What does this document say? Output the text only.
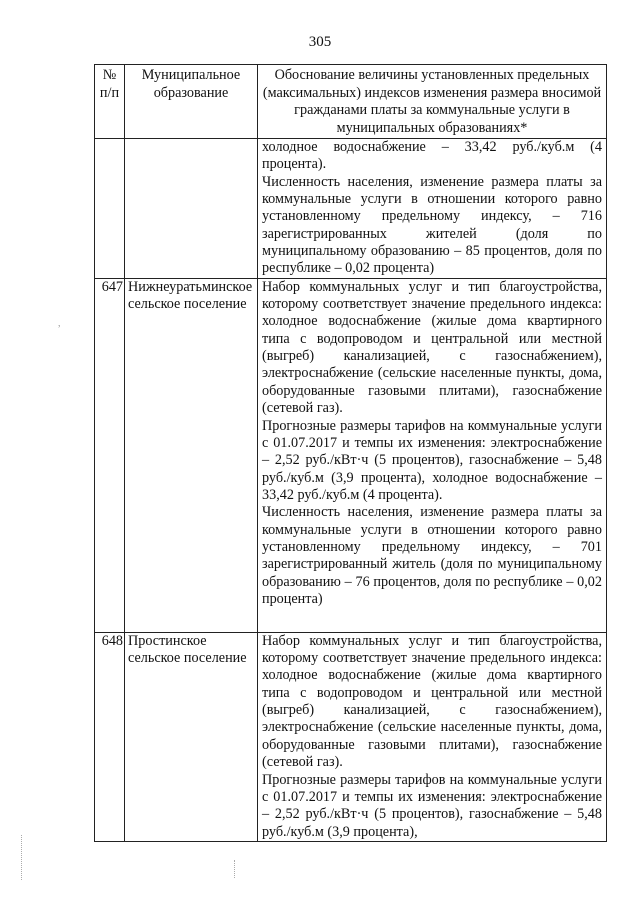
305
№ п/п	Муниципальное образование	Обоснование величины установленных предельных (максимальных) индексов изменения размера вносимой гражданами платы за коммунальные услуги в муниципальных образованиях*

		холодное водоснабжение – 33,42 руб./куб.м (4 процента).
Численность населения, изменение размера платы за коммунальные услуги в отношении которого равно установленному предельному индексу, – 716 зарегистрированных жителей (доля по муниципальному образованию – 85 процентов, доля по республике – 0,02 процента)

647	Нижнеуратьминское сельское поселение	Набор коммунальных услуг и тип благоустройства, которому соответствует значение предельного индекса: холодное водоснабжение (жилые дома квартирного типа с водопроводом и центральной или местной (выгреб) канализацией, с газоснабжением), электроснабжение (сельские населенные пункты, дома, оборудованные газовыми плитами), газоснабжение (сетевой газ).
Прогнозные размеры тарифов на коммунальные услуги с 01.07.2017 и темпы их изменения: электроснабжение – 2,52 руб./кВт·ч (5 процентов), газоснабжение – 5,48 руб./куб.м (3,9 процента), холодное водоснабжение – 33,42 руб./куб.м (4 процента).
Численность населения, изменение размера платы за коммунальные услуги в отношении которого равно установленному предельному индексу, – 701 зарегистрированный житель (доля по муниципальному образованию – 76 процентов, доля по республике – 0,02 процента)

648	Простинское сельское поселение	Набор коммунальных услуг и тип благоустройства, которому соответствует значение предельного индекса: холодное водоснабжение (жилые дома квартирного типа с водопроводом и центральной или местной (выгреб) канализацией, с газоснабжением), электроснабжение (сельские населенные пункты, дома, оборудованные газовыми плитами), газоснабжение (сетевой газ).
Прогнозные размеры тарифов на коммунальные услуги с 01.07.2017 и темпы их изменения: электроснабжение – 2,52 руб./кВт·ч (5 процентов), газоснабжение – 5,48 руб./куб.м (3,9 процента),
,
